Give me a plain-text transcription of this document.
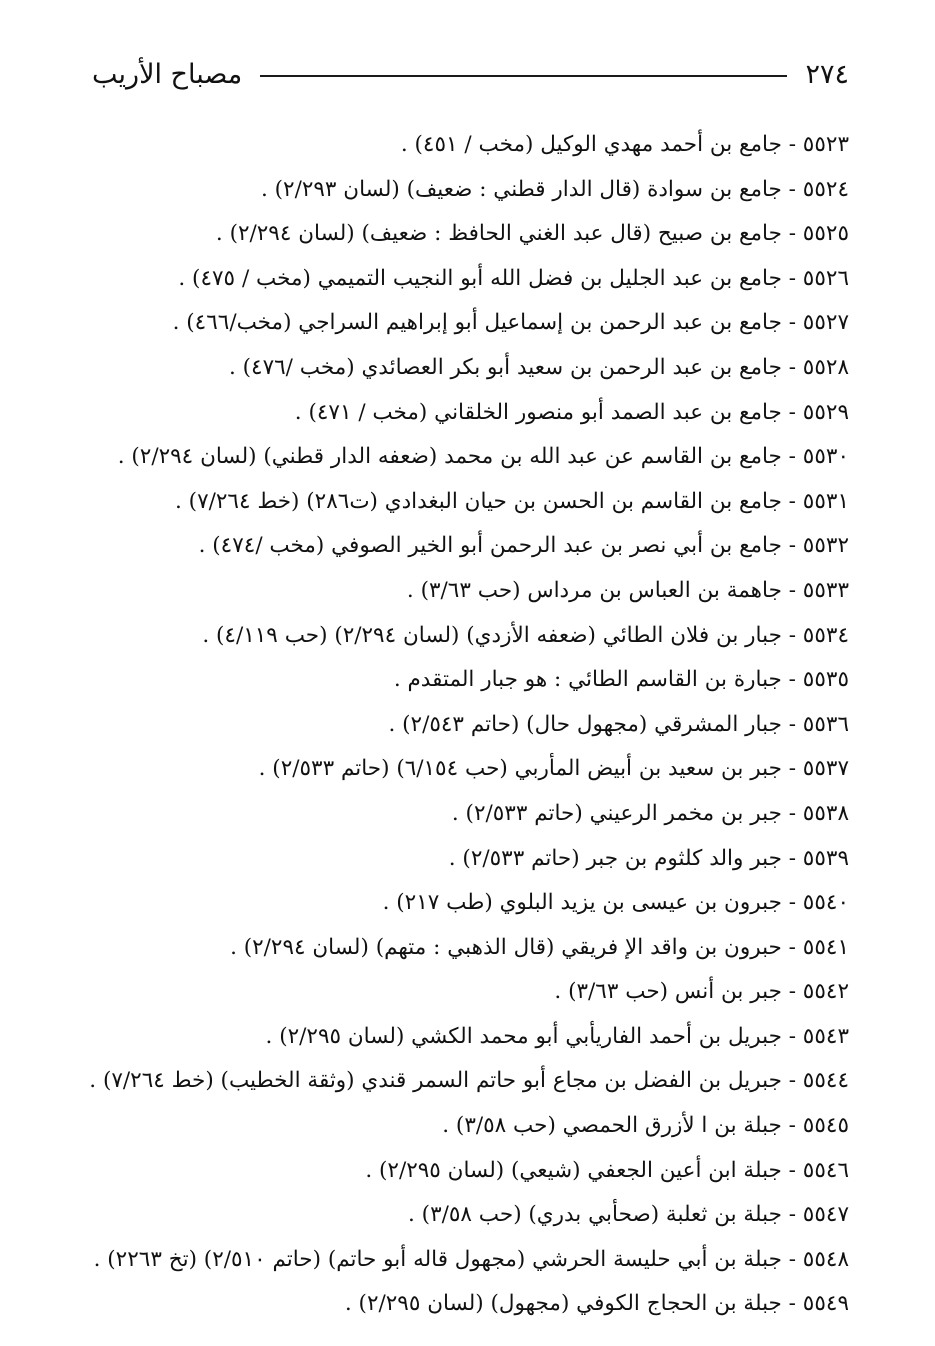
٢٧٤
مصباح الأريب
٥٥٢٣ - جامع بن أحمد مهدي الوكيل (مخب / ٤٥١) .
٥٥٢٤ - جامع بن سوادة (قال الدار قطني : ضعيف) (لسان ٢/٢٩٣) .
٥٥٢٥ - جامع بن صبيح (قال عبد الغني الحافظ : ضعيف) (لسان ٢/٢٩٤) .
٥٥٢٦ - جامع بن عبد الجليل بن فضل الله أبو النجيب التميمي (مخب / ٤٧٥) .
٥٥٢٧ - جامع بن عبد الرحمن بن إسماعيل أبو إبراهيم السراجي (مخب/٤٦٦) .
٥٥٢٨ - جامع بن عبد الرحمن بن سعيد أبو بكر العصائدي (مخب /٤٧٦) .
٥٥٢٩ - جامع بن عبد الصمد أبو منصور الخلقاني (مخب / ٤٧١) .
٥٥٣٠ - جامع بن القاسم عن عبد الله بن محمد (ضعفه الدار قطني) (لسان ٢/٢٩٤) .
٥٥٣١ - جامع بن القاسم بن الحسن بن حيان البغدادي (ت٢٨٦) (خط ٧/٢٦٤) .
٥٥٣٢ - جامع بن أبي نصر بن عبد الرحمن أبو الخير الصوفي (مخب /٤٧٤) .
٥٥٣٣ - جاهمة بن العباس بن مرداس (حب ٣/٦٣) .
٥٥٣٤ - جبار بن فلان الطائي (ضعفه الأزدي) (لسان ٢/٢٩٤) (حب ٤/١١٩) .
٥٥٣٥ - جبارة بن القاسم الطائي : هو جبار المتقدم .
٥٥٣٦ - جبار المشرقي (مجهول حال) (حاتم ٢/٥٤٣) .
٥٥٣٧ - جبر بن سعيد بن أبيض المأربي (حب ٦/١٥٤) (حاتم ٢/٥٣٣) .
٥٥٣٨ - جبر بن مخمر الرعيني (حاتم ٢/٥٣٣) .
٥٥٣٩ - جبر والد كلثوم بن جبر (حاتم ٢/٥٣٣) .
٥٥٤٠ - جبرون بن عيسى بن يزيد البلوي (طب ٢١٧) .
٥٥٤١ - حبرون بن واقد الإ فريقي (قال الذهبي : متهم) (لسان ٢/٢٩٤) .
٥٥٤٢ - جبر بن أنس (حب ٣/٦٣) .
٥٥٤٣ - جبريل بن أحمد الفاريأبي أبو محمد الكشي (لسان ٢/٢٩٥) .
٥٥٤٤ - جبريل بن الفضل بن مجاع أبو حاتم السمر قندي (وثقة الخطيب) (خط ٧/٢٦٤) .
٥٥٤٥ - جبلة بن ا لأزرق الحمصي (حب ٣/٥٨) .
٥٥٤٦ - جبلة ابن أعين الجعفي (شيعي) (لسان ٢/٢٩٥) .
٥٥٤٧ - جبلة بن ثعلبة (صحأبي بدري) (حب ٣/٥٨) .
٥٥٤٨ - جبلة بن أبي حليسة الحرشي (مجهول قاله أبو حاتم) (حاتم ٢/٥١٠) (تخ ٢٢٦٣) .
٥٥٤٩ - جبلة بن الحجاج الكوفي (مجهول) (لسان ٢/٢٩٥) .
